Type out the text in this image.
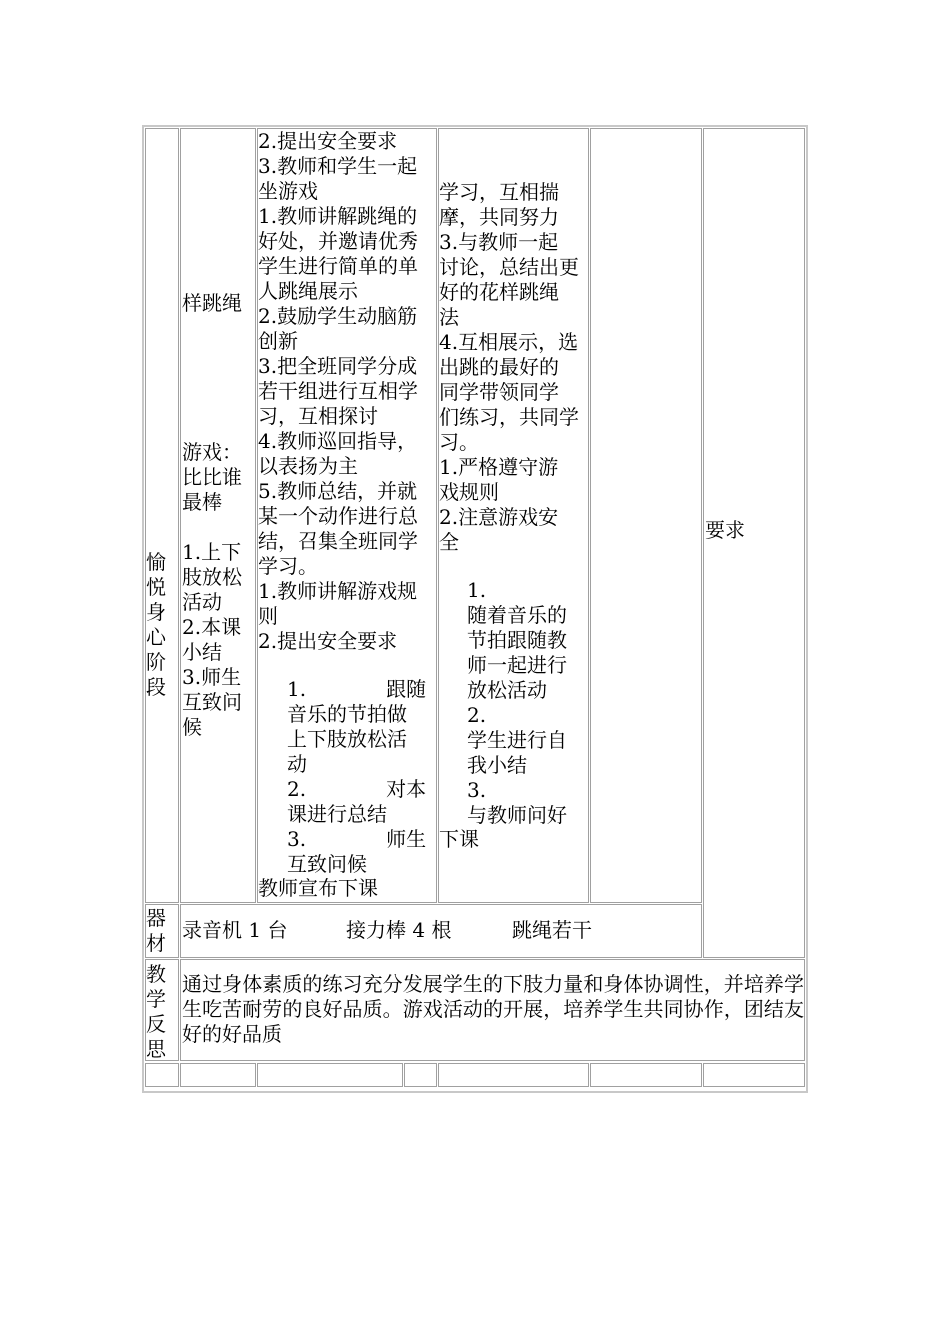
愉悦身心阶段
样跳绳
游戏：
比比谁
最棒
1.上下
肢放松
活动
2.本课
小结
3.师生
互致问
候
2.提出安全要求
3.教师和学生一起
坐游戏
1.教师讲解跳绳的
好处，并邀请优秀
学生进行简单的单
人跳绳展示
2.鼓励学生动脑筋
创新
3.把全班同学分成
若干组进行互相学
习，互相探讨
4.教师巡回指导，
以表扬为主
5.教师总结，并就
某一个动作进行总
结，召集全班同学
学习。
1.教师讲解游戏规
则
2.提出安全要求
1.　　　　跟随
音乐的节拍做
上下肢放松活
动
2.　　　　对本
课进行总结
3.　　　　师生
互致问候
教师宣布下课
学习，互相揣
摩，共同努力
3.与教师一起
讨论，总结出更
好的花样跳绳
法
4.互相展示，选
出跳的最好的
同学带领同学
们练习，共同学
习。
1.严格遵守游
戏规则
2.注意游戏安
全
1.
随着音乐的
节拍跟随教
师一起进行
放松活动
2.
学生进行自
我小结
3.
与教师问好
下课
要求
器
材
录音机 1 台	接力棒 4 根	跳绳若干
教
学
反
思
通过身体素质的练习充分发展学生的下肢力量和身体协调性，并培养学生吃苦耐劳的良好品质。游戏活动的开展，培养学生共同协作，团结友好的好品质
